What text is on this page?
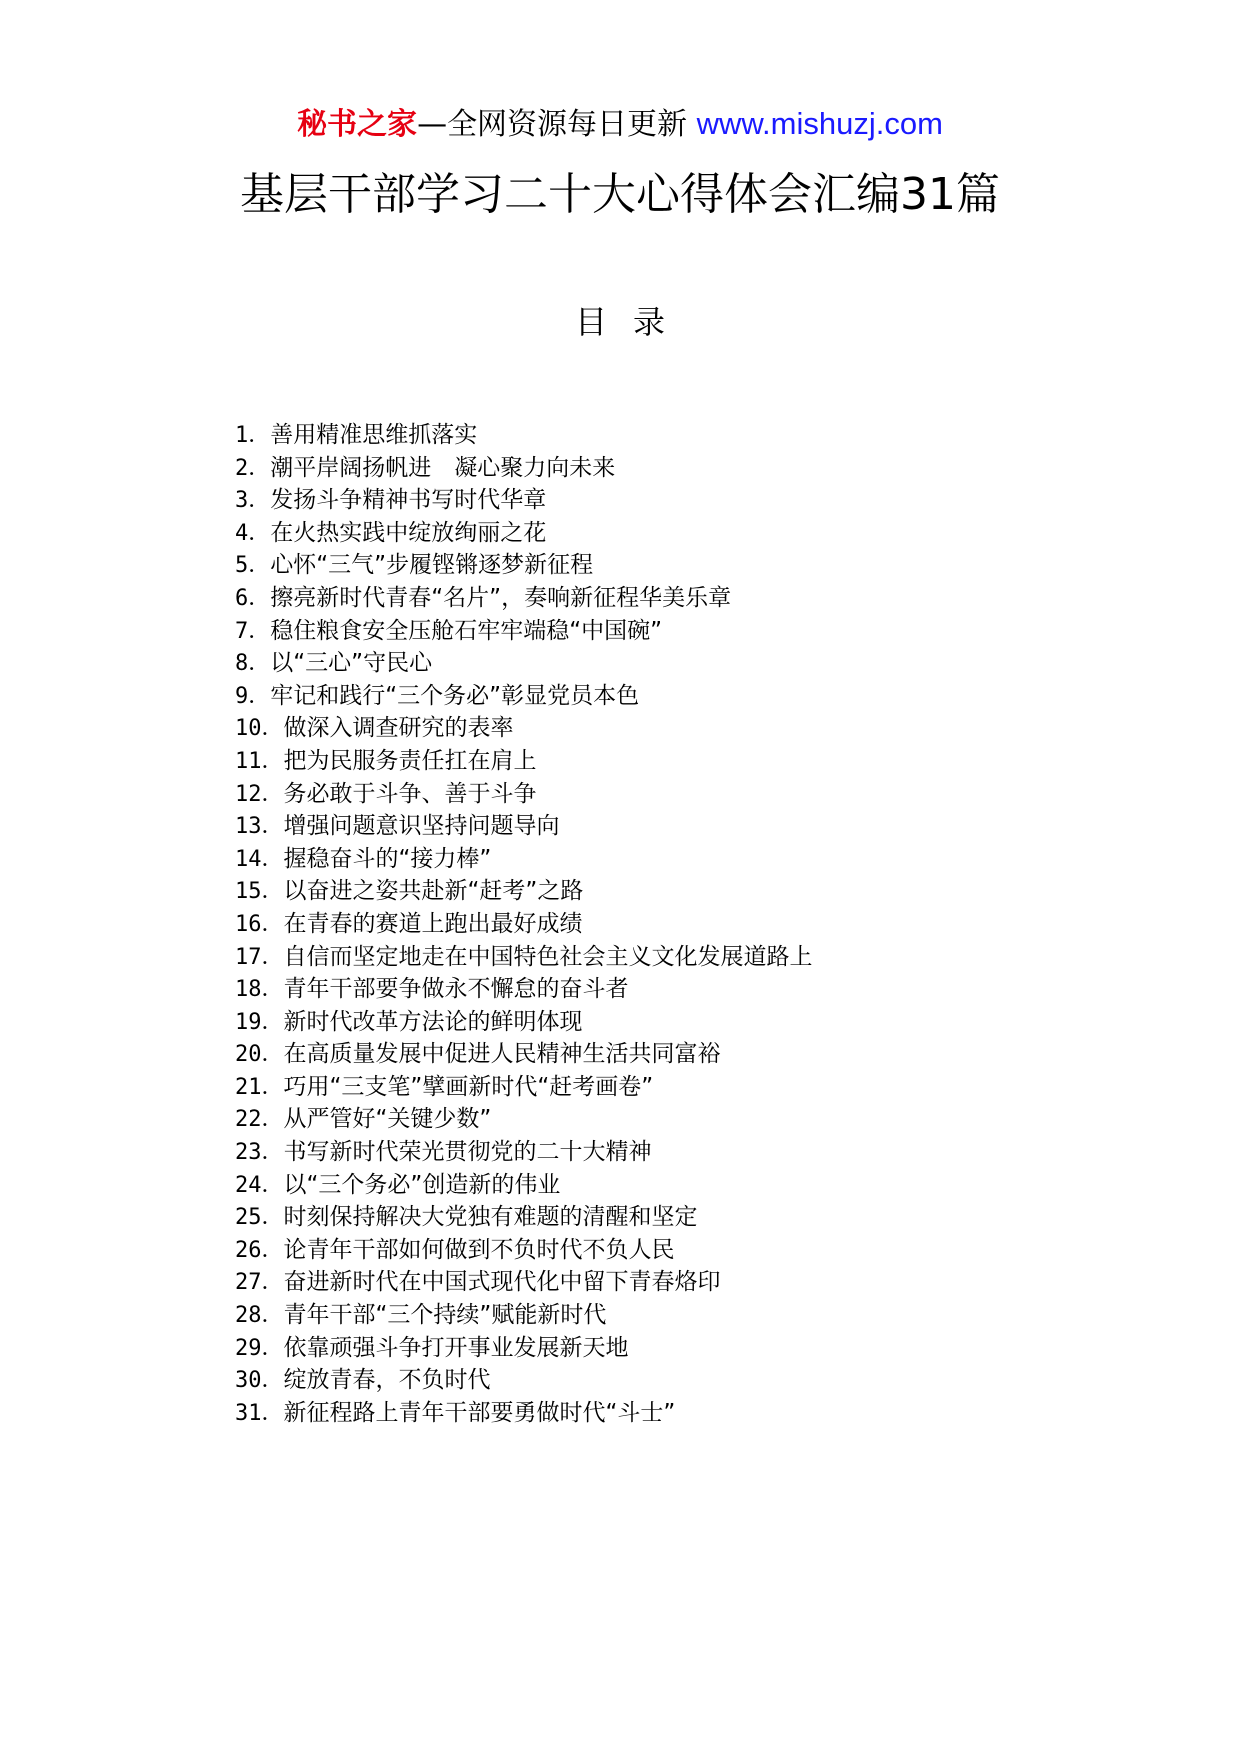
秘书之家—全网资源每日更新 www.mishuzj.com
基层干部学习二十大心得体会汇编31篇
目录
1．善用精准思维抓落实
2．潮平岸阔扬帆进　凝心聚力向未来
3．发扬斗争精神书写时代华章
4．在火热实践中绽放绚丽之花
5．心怀“三气”步履铿锵逐梦新征程
6．擦亮新时代青春“名片”，奏响新征程华美乐章
7．稳住粮食安全压舱石牢牢端稳“中国碗”
8．以“三心”守民心
9．牢记和践行“三个务必”彰显党员本色
10．做深入调查研究的表率
11．把为民服务责任扛在肩上
12．务必敢于斗争、善于斗争
13．增强问题意识坚持问题导向
14．握稳奋斗的“接力棒”
15．以奋进之姿共赴新“赶考”之路
16．在青春的赛道上跑出最好成绩
17．自信而坚定地走在中国特色社会主义文化发展道路上
18．青年干部要争做永不懈怠的奋斗者
19．新时代改革方法论的鲜明体现
20．在高质量发展中促进人民精神生活共同富裕
21．巧用“三支笔”擘画新时代“赶考画卷”
22．从严管好“关键少数”
23．书写新时代荣光贯彻党的二十大精神
24．以“三个务必”创造新的伟业
25．时刻保持解决大党独有难题的清醒和坚定
26．论青年干部如何做到不负时代不负人民
27．奋进新时代在中国式现代化中留下青春烙印
28．青年干部“三个持续”赋能新时代
29．依靠顽强斗争打开事业发展新天地
30．绽放青春，不负时代
31．新征程路上青年干部要勇做时代“斗士”
